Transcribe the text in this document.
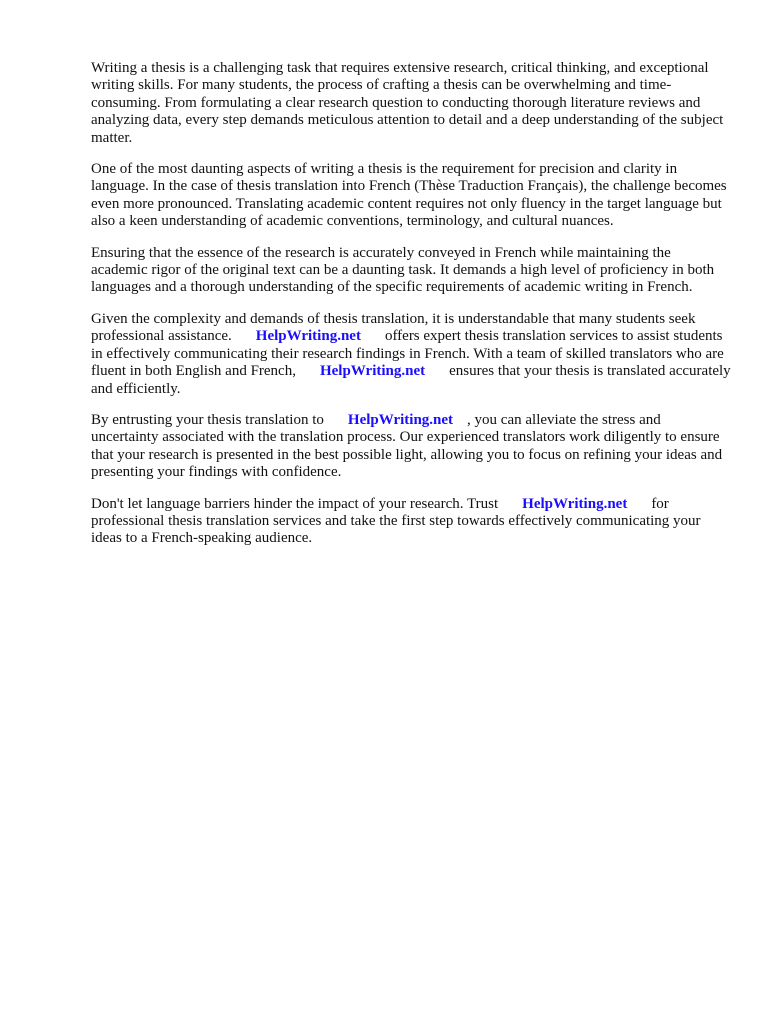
Writing a thesis is a challenging task that requires extensive research, critical thinking, and exceptional writing skills. For many students, the process of crafting a thesis can be overwhelming and time-consuming. From formulating a clear research question to conducting thorough literature reviews and analyzing data, every step demands meticulous attention to detail and a deep understanding of the subject matter.

One of the most daunting aspects of writing a thesis is the requirement for precision and clarity in language. In the case of thesis translation into French (Thèse Traduction Français), the challenge becomes even more pronounced. Translating academic content requires not only fluency in the target language but also a keen understanding of academic conventions, terminology, and cultural nuances.

Ensuring that the essence of the research is accurately conveyed in French while maintaining the academic rigor of the original text can be a daunting task. It demands a high level of proficiency in both languages and a thorough understanding of the specific requirements of academic writing in French.

Given the complexity and demands of thesis translation, it is understandable that many students seek professional assistance. HelpWriting.net offers expert thesis translation services to assist students in effectively communicating their research findings in French. With a team of skilled translators who are fluent in both English and French, HelpWriting.net ensures that your thesis is translated accurately and efficiently.

By entrusting your thesis translation to HelpWriting.net , you can alleviate the stress and uncertainty associated with the translation process. Our experienced translators work diligently to ensure that your research is presented in the best possible light, allowing you to focus on refining your ideas and presenting your findings with confidence.

Don't let language barriers hinder the impact of your research. Trust HelpWriting.net for professional thesis translation services and take the first step towards effectively communicating your ideas to a French-speaking audience.
